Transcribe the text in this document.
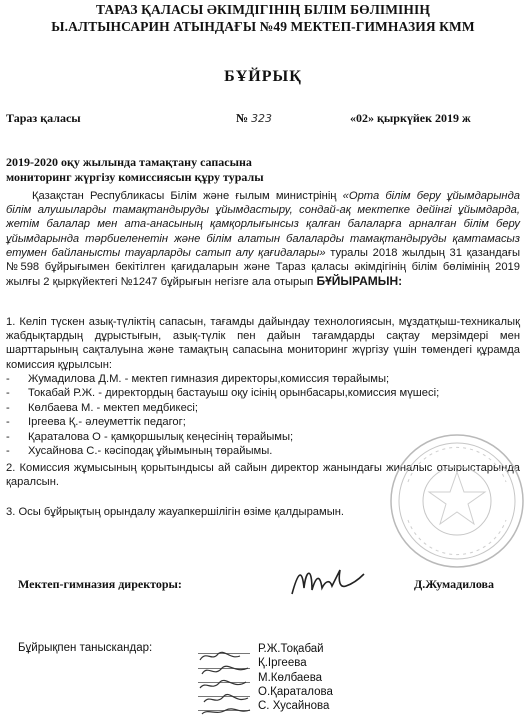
ТАРАЗ ҚАЛАСЫ ӘКІМДІГІНІҢ БІЛІМ БӨЛІМІНІҢ
Ы.АЛТЫНСАРИН АТЫНДАҒЫ №49 МЕКТЕП-ГИМНАЗИЯ КММ
БҰЙРЫҚ
Тараз қаласы	№ 323	«02» қыркүйек 2019 ж
2019-2020 оқу жылында тамақтану сапасына
мониторинг жүргізу комиссиясын құру туралы
Қазақстан Республикасы Білім және ғылым министрінің «Орта білім беру ұйымдарында білім алушыларды тамақтандыруды ұйымдастыру, сондай-ақ мектепке дейінгі ұйымдарда, жетім балалар мен ата-анасының қамқорлығынсыз қалған балаларға арналған білім беру ұйымдарында тәрбиеленетін және білім алатын балаларды тамақтандыруды қамтамасыз етумен байланысты тауарларды сатып алу қағидалары» туралы 2018 жылдың 31 қазандағы №598 бұйрығымен бекітілген қағидаларын және Тараз қаласы әкімдігінің білім бөлімінің 2019 жылғы 2 қыркүйектегі №1247 бұйрығын негізге ала отырып БҰЙЫРАМЫН:
1. Келіп түскен азық-түліктің сапасын, тағамды дайындау технологиясын, мұздатқыш-техникалық жабдықтардың дұрыстығын, азық-түлік пен дайын тағамдарды сақтау мерзімдері мен шарттарының сақталуына және тамақтың сапасына мониторинг жүргізу үшін төмендегі құрамда комиссия құрылсын:
- Жумадилова Д.М. - мектеп гимназия директоры,комиссия төрайымы;
- Токабай Р.Ж. - директордың бастауыш оқу ісінің орынбасары,комиссия мүшесі;
- Көлбаева М. - мектеп медбикесі;
- Іргеева Қ.- әлеуметтік педагог;
- Қараталова О - қамқоршылық кеңесінің төрайымы;
- Хусайнова С.- кәсіподақ ұйымының төрайымы.
2. Комиссия жұмысының қорытындысы ай сайын директор жанындағы жиналыс отырыстарында қаралсын.
3. Осы бұйрықтың орындалу жауапкершілігін өзіме қалдырамын.
Мектеп-гимназия директоры:	Д.Жумадилова
Бұйрықпен таныскандар:	Р.Ж.Тоқабай
Қ.Іргеева
М.Көлбаева
О.Қараталова
С. Хусайнова
